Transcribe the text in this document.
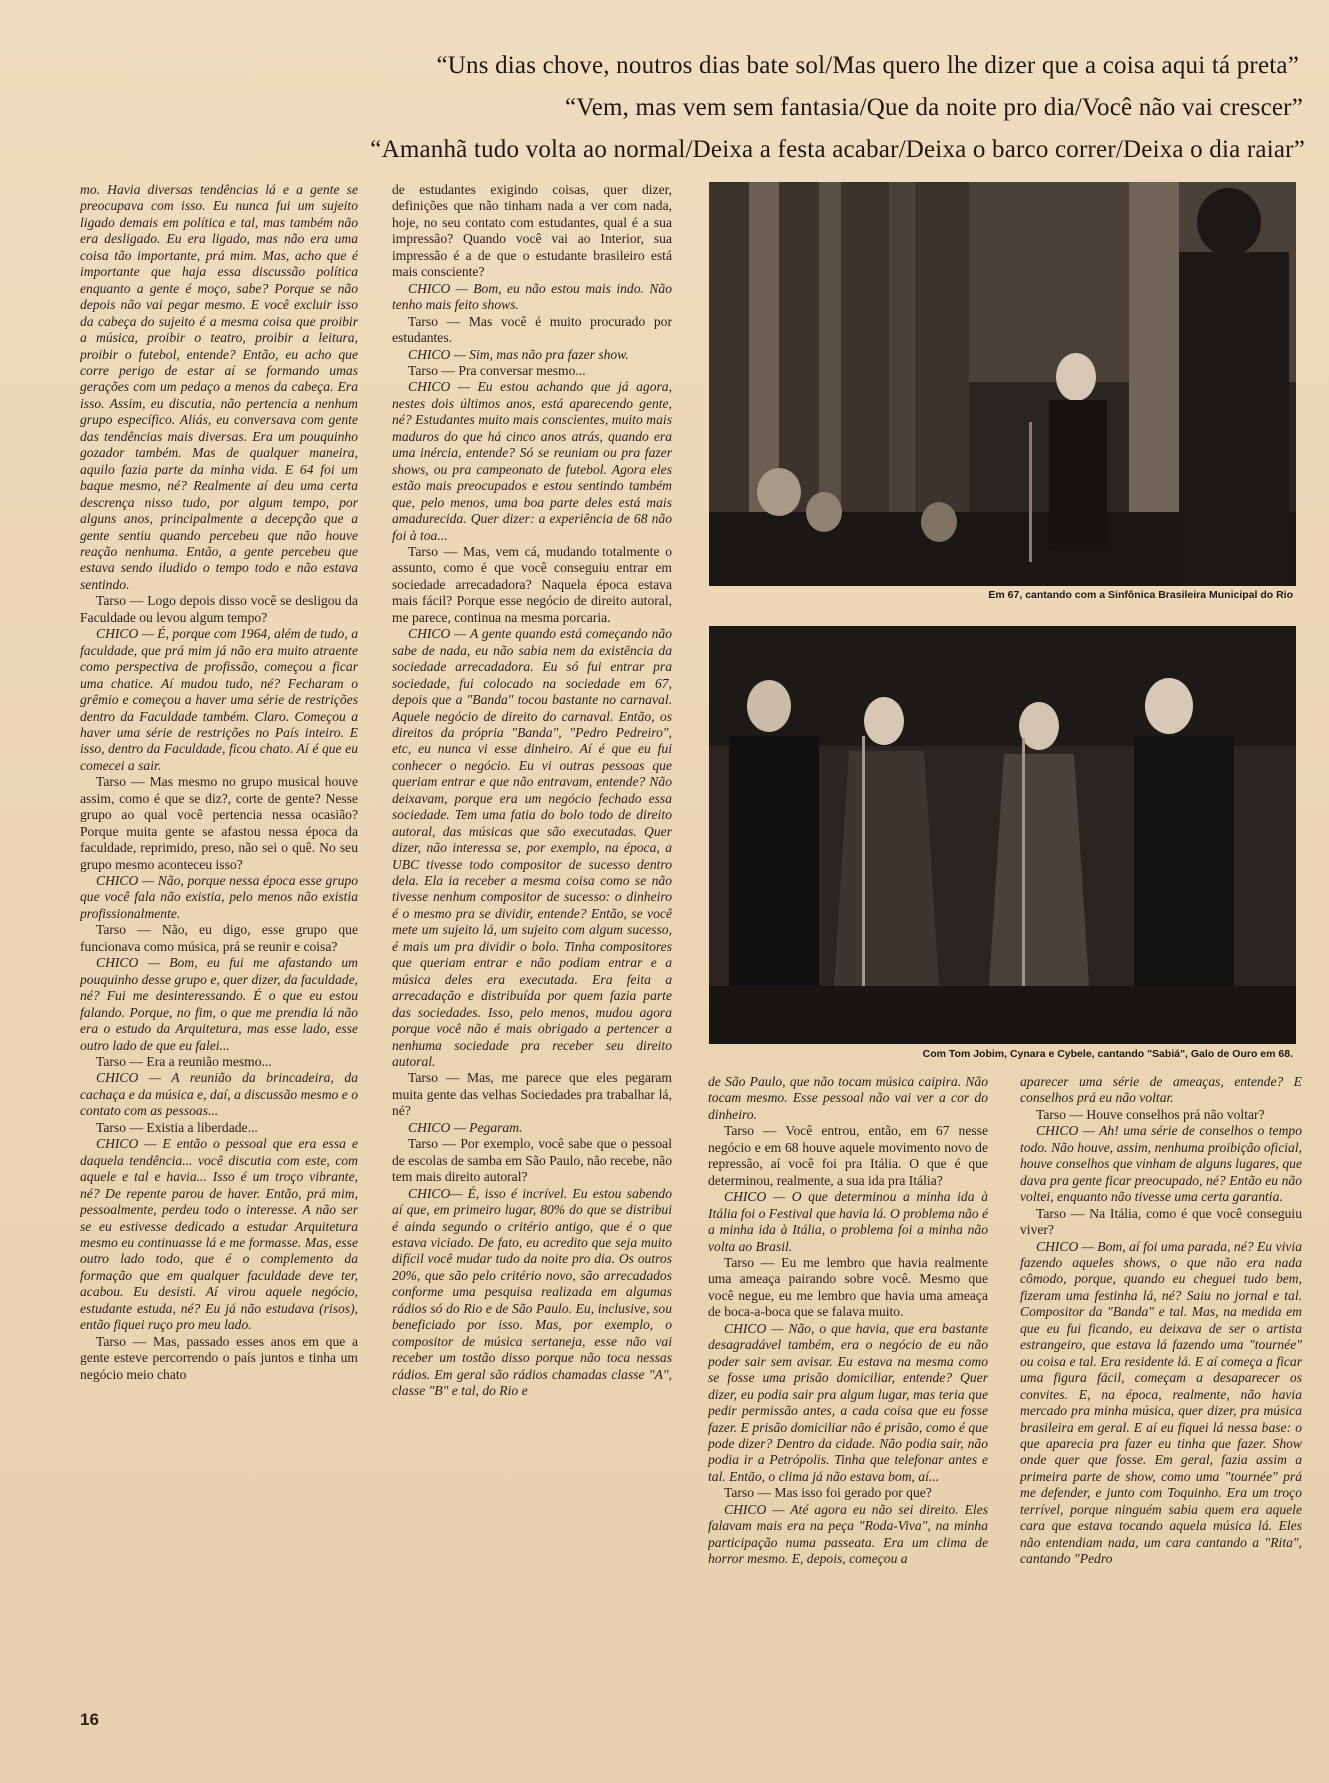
“Uns dias chove, noutros dias bate sol/Mas quero lhe dizer que a coisa aqui tá preta”
“Vem, mas vem sem fantasia/Que da noite pro dia/Você não vai crescer”
“Amanhã tudo volta ao normal/Deixa a festa acabar/Deixa o barco correr/Deixa o dia raiar”

mo. Havia diversas tendências lá e a gente se preocupava com isso. Eu nunca fui um sujeito ligado demais em política e tal, mas também não era desligado. Eu era ligado, mas não era uma coisa tão importante, prá mim. Mas, acho que é importante que haja essa discussão política enquanto a gente é moço, sabe? Porque se não depois não vai pegar mesmo. E você excluir isso da cabeça do sujeito é a mesma coisa que proibir a música, proibir o teatro, proibir a leitura, proibir o futebol, entende? Então, eu acho que corre perigo de estar aí se formando umas gerações com um pedaço a menos da cabeça. Era isso. Assim, eu discutia, não pertencia a nenhum grupo específico. Aliás, eu conversava com gente das tendências mais diversas. Era um pouquinho gozador também. Mas de qualquer maneira, aquilo fazia parte da minha vida. E 64 foi um baque mesmo, né? Realmente aí deu uma certa descrença nisso tudo, por algum tempo, por alguns anos, principalmente a decepção que a gente sentiu quando percebeu que não houve reação nenhuma. Então, a gente percebeu que estava sendo iludido o tempo todo e não estava sentindo.

Tarso — Logo depois disso você se desligou da Faculdade ou levou algum tempo?

CHICO — É, porque com 1964, além de tudo, a faculdade, que prá mim já não era muito atraente como perspectiva de profissão, começou a ficar uma chatice. Aí mudou tudo, né? Fecharam o grêmio e começou a haver uma série de restrições dentro da Faculdade também. Claro. Começou a haver uma série de restrições no País inteiro. E isso, dentro da Faculdade, ficou chato. Aí é que eu comecei a sair.

Tarso — Mas mesmo no grupo musical houve assim, como é que se diz?, corte de gente? Nesse grupo ao qual você pertencia nessa ocasião? Porque muita gente se afastou nessa época da faculdade, reprimido, preso, não sei o quê. No seu grupo mesmo aconteceu isso?

CHICO — Não, porque nessa época esse grupo que você fala não existia, pelo menos não existia profissionalmente.

Tarso — Não, eu digo, esse grupo que funcionava como música, prá se reunir e coisa?

CHICO — Bom, eu fui me afastando um pouquinho desse grupo e, quer dizer, da faculdade, né? Fui me desinteressando. É o que eu estou falando. Porque, no fim, o que me prendia lá não era o estudo da Arquitetura, mas esse lado, esse outro lado de que eu falei...

Tarso — Era a reunião mesmo...

CHICO — A reunião da brincadeira, da cachaça e da música e, daí, a discussão mesmo e o contato com as pessoas...

Tarso — Existia a liberdade...

CHICO — E então o pessoal que era essa e daquela tendência... você discutia com este, com aquele e tal e havia... Isso é um troço vibrante, né? De repente parou de haver. Então, prá mim, pessoalmente, perdeu todo o interesse. A não ser se eu estivesse dedicado a estudar Arquitetura mesmo eu continuasse lá e me formasse. Mas, esse outro lado todo, que é o complemento da formação que em qualquer faculdade deve ter, acabou. Eu desisti. Aí virou aquele negócio, estudante estuda, né? Eu já não estudava (risos), então fiquei ruço pro meu lado.

Tarso — Mas, passado esses anos em que a gente esteve percorrendo o país juntos e tinha um negócio meio chato

de estudantes exigindo coisas, quer dizer, definições que não tinham nada a ver com nada, hoje, no seu contato com estudantes, qual é a sua impressão? Quando você vai ao Interior, sua impressão é a de que o estudante brasileiro está mais consciente?

CHICO — Bom, eu não estou mais indo. Não tenho mais feito shows.

Tarso — Mas você é muito procurado por estudantes.

CHICO — Sim, mas não pra fazer show.

Tarso — Pra conversar mesmo...

CHICO — Eu estou achando que já agora, nestes dois últimos anos, está aparecendo gente, né? Estudantes muito mais conscientes, muito mais maduros do que há cinco anos atrás, quando era uma inércia, entende? Só se reuniam ou pra fazer shows, ou pra campeonato de futebol. Agora eles estão mais preocupados e estou sentindo também que, pelo menos, uma boa parte deles está mais amadurecida. Quer dizer: a experiência de 68 não foi à toa...

Tarso — Mas, vem cá, mudando totalmente o assunto, como é que você conseguiu entrar em sociedade arrecadadora? Naquela época estava mais fácil? Porque esse negócio de direito autoral, me parece, continua na mesma porcaria.

CHICO — A gente quando está começando não sabe de nada, eu não sabia nem da existência da sociedade arrecadadora. Eu só fui entrar pra sociedade, fui colocado na sociedade em 67, depois que a "Banda" tocou bastante no carnaval. Aquele negócio de direito do carnaval. Então, os direitos da própria "Banda", "Pedro Pedreiro", etc, eu nunca vi esse dinheiro. Aí é que eu fui conhecer o negócio. Eu vi outras pessoas que queriam entrar e que não entravam, entende? Não deixavam, porque era um negócio fechado essa sociedade. Tem uma fatia do bolo todo de direito autoral, das músicas que são executadas. Quer dizer, não interessa se, por exemplo, na época, a UBC tivesse todo compositor de sucesso dentro dela. Ela ia receber a mesma coisa como se não tivesse nenhum compositor de sucesso: o dinheiro é o mesmo pra se dividir, entende? Então, se você mete um sujeito lá, um sujeito com algum sucesso, é mais um pra dividir o bolo. Tinha compositores que queriam entrar e não podiam entrar e a música deles era executada. Era feita a arrecadação e distribuída por quem fazia parte das sociedades. Isso, pelo menos, mudou agora porque você não é mais obrigado a pertencer a nenhuma sociedade pra receber seu direito autoral.

Tarso — Mas, me parece que eles pegaram muita gente das velhas Sociedades pra trabalhar lá, né?

CHICO — Pegaram.

Tarso — Por exemplo, você sabe que o pessoal de escolas de samba em São Paulo, não recebe, não tem mais direito autoral?

CHICO— É, isso é incrível. Eu estou sabendo aí que, em primeiro lugar, 80% do que se distribui é ainda segundo o critério antigo, que é o que estava viciado. De fato, eu acredito que seja muito difícil você mudar tudo da noite pro dia. Os outros 20%, que são pelo critério novo, são arrecadados conforme uma pesquisa realizada em algumas rádios só do Rio e de São Paulo. Eu, inclusive, sou beneficiado por isso. Mas, por exemplo, o compositor de música sertaneja, esse não vai receber um tostão disso porque não toca nessas rádios. Em geral são rádios chamadas classe "A", classe "B" e tal, do Rio e

Em 67, cantando com a Sinfônica Brasileira Municipal do Rio
Com Tom Jobim, Cynara e Cybele, cantando "Sabiá", Galo de Ouro em 68.

de São Paulo, que não tocam música caipira. Não tocam mesmo. Esse pessoal não vai ver a cor do dinheiro.

Tarso — Você entrou, então, em 67 nesse negócio e em 68 houve aquele movimento novo de repressão, aí você foi pra Itália. O que é que determinou, realmente, a sua ida pra Itália?

CHICO — O que determinou a minha ida à Itália foi o Festival que havia lá. O problema não é a minha ida à Itália, o problema foi a minha não volta ao Brasil.

Tarso — Eu me lembro que havia realmente uma ameaça pairando sobre você. Mesmo que você negue, eu me lembro que havia uma ameaça de boca-a-boca que se falava muito.

CHICO — Não, o que havia, que era bastante desagradável também, era o negócio de eu não poder sair sem avisar. Eu estava na mesma como se fosse uma prisão domiciliar, entende? Quer dizer, eu podia sair pra algum lugar, mas teria que pedir permissão antes, a cada coisa que eu fosse fazer. E prisão domiciliar não é prisão, como é que pode dizer? Dentro da cidade. Não podia sair, não podia ir a Petrópolis. Tinha que telefonar antes e tal. Então, o clima já não estava bom, aí...

Tarso — Mas isso foi gerado por que?

CHICO — Até agora eu não sei direito. Eles falavam mais era na peça "Roda-Viva", na minha participação numa passeata. Era um clima de horror mesmo. E, depois, começou a

aparecer uma série de ameaças, entende? E conselhos prá eu não voltar.

Tarso — Houve conselhos prá não voltar?

CHICO — Ah! uma série de conselhos o tempo todo. Não houve, assim, nenhuma proibição oficial, houve conselhos que vinham de alguns lugares, que dava pra gente ficar preocupado, né? Então eu não voltei, enquanto não tivesse uma certa garantia.

Tarso — Na Itália, como é que você conseguiu viver?

CHICO — Bom, aí foi uma parada, né? Eu vivia fazendo aqueles shows, o que não era nada cômodo, porque, quando eu cheguei tudo bem, fizeram uma festinha lá, né? Saiu no jornal e tal. Compositor da "Banda" e tal. Mas, na medida em que eu fui ficando, eu deixava de ser o artista estrangeiro, que estava lá fazendo uma "tournée" ou coisa e tal. Era residente lá. E aí começa a ficar uma figura fácil, começam a desaparecer os convites. E, na época, realmente, não havia mercado pra minha música, quer dizer, pra música brasileira em geral. E aí eu fiquei lá nessa base: o que aparecia pra fazer eu tinha que fazer. Show onde quer que fosse. Em geral, fazia assim a primeira parte de show, como uma "tournée" prá me defender, e junto com Toquinho. Era um troço terrível, porque ninguém sabia quem era aquele cara que estava tocando aquela música lá. Eles não entendiam nada, um cara cantando a "Rita", cantando "Pedro

16
